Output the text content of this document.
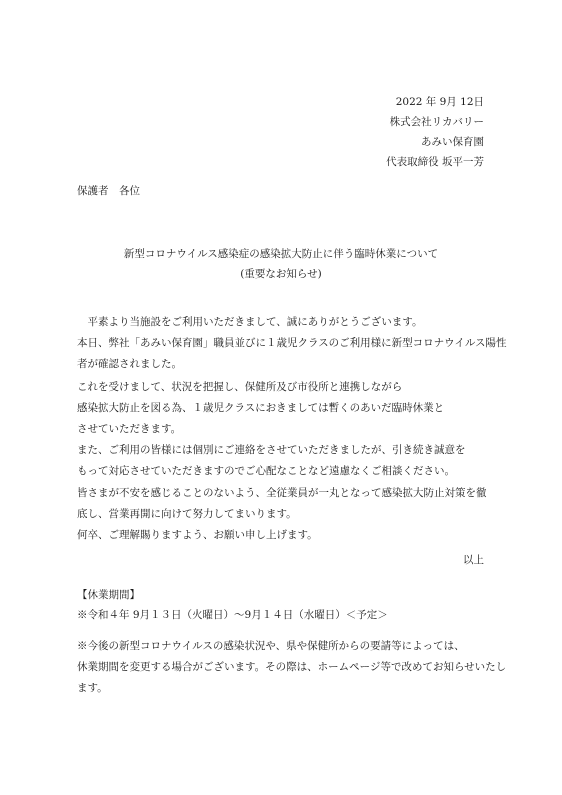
2022 年 9月 12日
株式会社リカバリー
あみい保育園
代表取締役 坂平一芳
保護者　各位
新型コロナウイルス感染症の感染拡大防止に伴う臨時休業について
(重要なお知らせ)
　平素より当施設をご利用いただきまして、誠にありがとうございます。
本日、弊社「あみい保育園」職員並びに１歳児クラスのご利用様に新型コロナウイルス陽性
者が確認されました。
これを受けまして、状況を把握し、保健所及び市役所と連携しながら
感染拡大防止を図る為、１歳児クラスにおきましては暫くのあいだ臨時休業と
させていただきます。
また、ご利用の皆様には個別にご連絡をさせていただきましたが、引き続き誠意を
もって対応させていただきますのでご心配なことなど遠慮なくご相談ください。
皆さまが不安を感じることのないよう、全従業員が一丸となって感染拡大防止対策を徹
底し、営業再開に向けて努力してまいります。
何卒、ご理解賜りますよう、お願い申し上げます。
以上
【休業期間】
※令和４年 9月１３日（火曜日）～9月１４日（水曜日）＜予定＞
※今後の新型コロナウイルスの感染状況や、県や保健所からの要請等によっては、
休業期間を変更する場合がございます。その際は、ホームページ等で改めてお知らせいたし
ます。
